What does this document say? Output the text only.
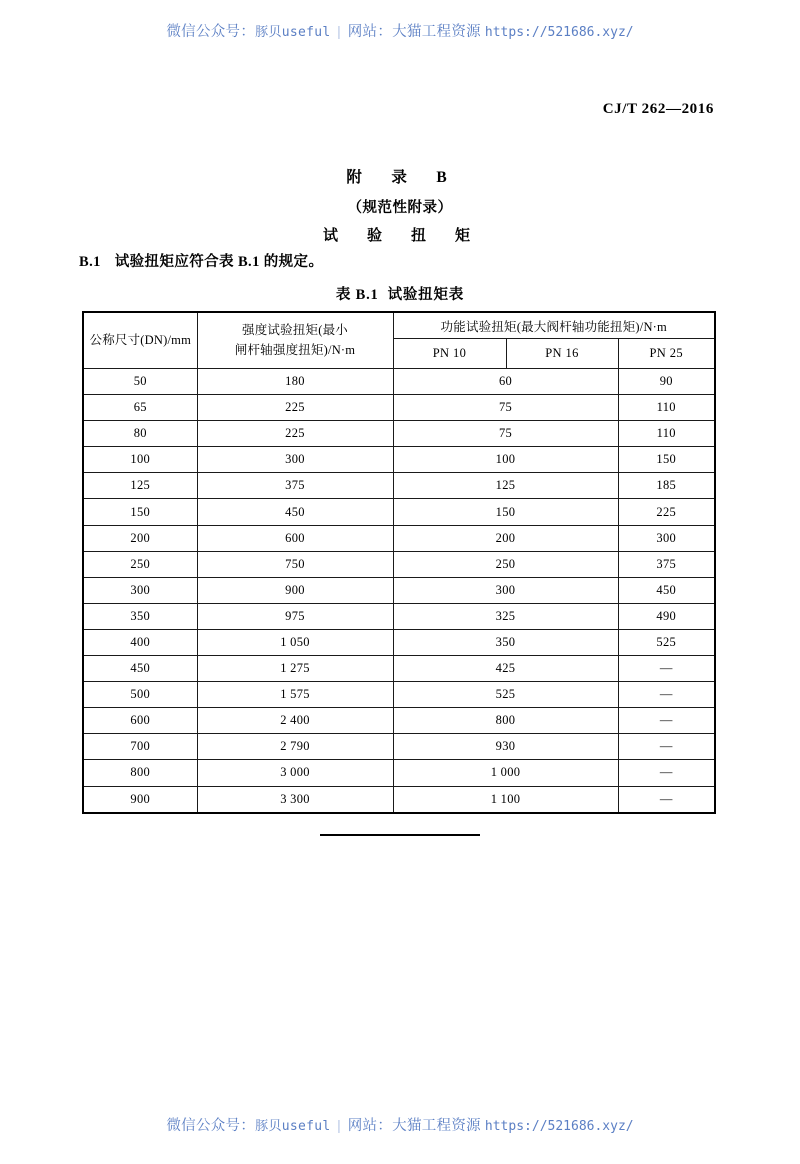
微信公众号：豚贝useful | 网站：大猫工程资源 https://521686.xyz/
CJ/T 262—2016
附　录　B
（规范性附录）
试　验　扭　矩
B.1 试验扭矩应符合表 B.1 的规定。
表 B.1 试验扭矩表
公称尺寸(DN)/mm	强度试验扭矩(最小
闸杆轴强度扭矩)/N·m	功能试验扭矩(最大阀杆轴功能扭矩)/N·m		
		PN 10	PN 16	PN 25
50	180	60		90
65	225	75		110
80	225	75		110
100	300	100		150
125	375	125		185
150	450	150		225
200	600	200		300
250	750	250		375
300	900	300		450
350	975	325		490
400	1 050	350		525
450	1 275	425		—
500	1 575	525		—
600	2 400	800		—
700	2 790	930		—
800	3 000	1 000		—
900	3 300	1 100		—
微信公众号：豚贝useful | 网站：大猫工程资源 https://521686.xyz/
